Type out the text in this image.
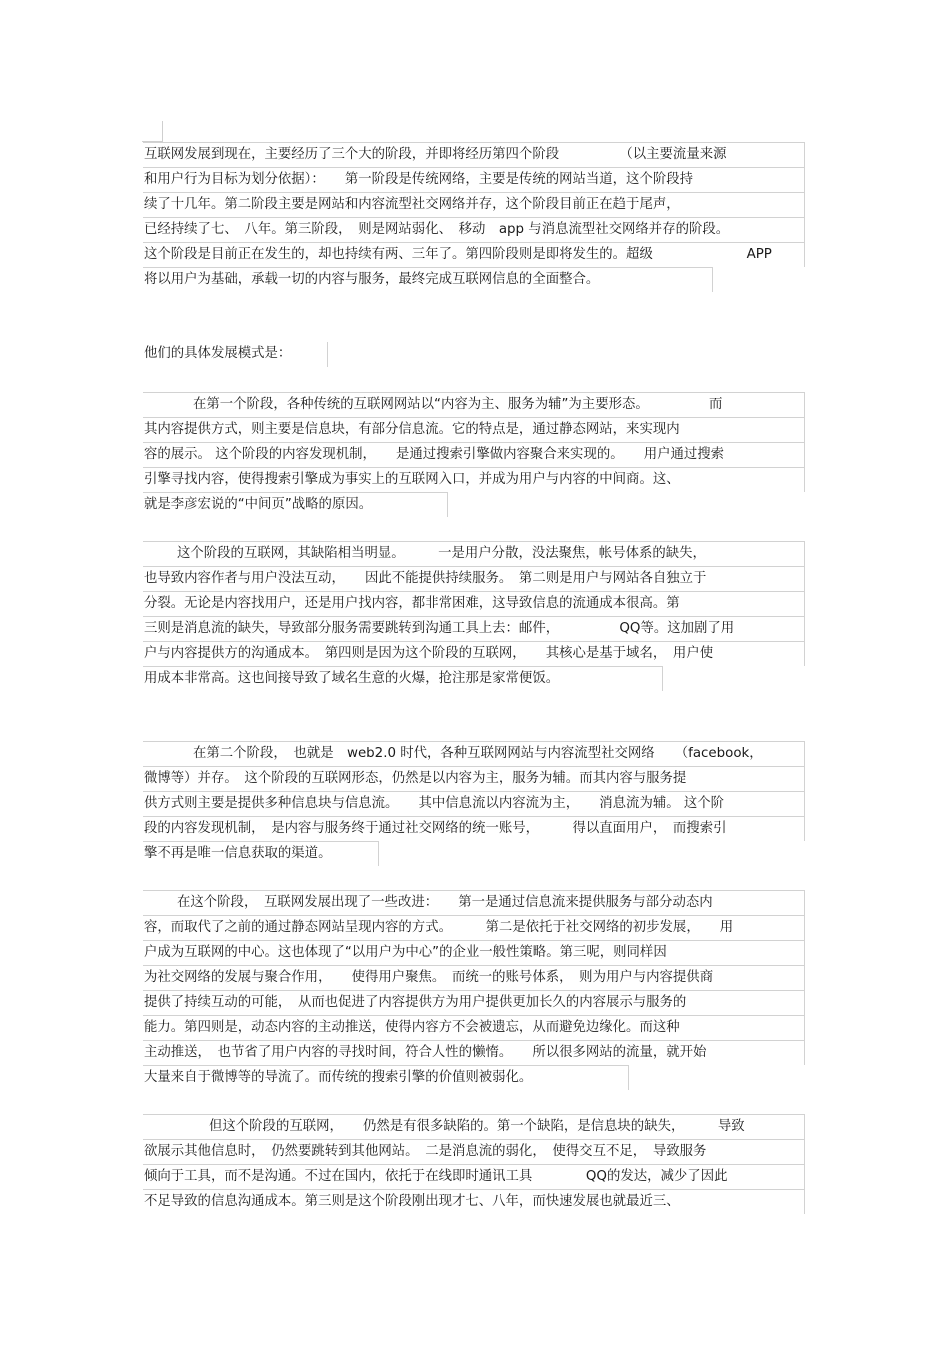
互联网发展到现在，主要经历了三个大的阶段，并即将经历第四个阶段　　　　　（以主要流量来源
和用户行为目标为划分依据）：　　第一阶段是传统网络，主要是传统的网站当道，这个阶段持
续了十几年。第二阶段主要是网站和内容流型社交网络并存，这个阶段目前正在趋于尾声，
已经持续了七、　八年。第三阶段，　则是网站弱化、　移动　app 与消息流型社交网络并存的阶段。
这个阶段是目前正在发生的，却也持续有两、三年了。第四阶段则是即将发生的。超级　　　　　　　APP
将以用户为基础，承载一切的内容与服务，最终完成互联网信息的全面整合。
他们的具体发展模式是：
在第一个阶段，各种传统的互联网网站以“内容为主、服务为辅”为主要形态。　　　　　而
其内容提供方式，则主要是信息块，有部分信息流。它的特点是，通过静态网站，来实现内
容的展示。 这个阶段的内容发现机制，　　是通过搜索引擎做内容聚合来实现的。　　用户通过搜索
引擎寻找内容，使得搜索引擎成为事实上的互联网入口，并成为用户与内容的中间商。这、
就是李彦宏说的“中间页”战略的原因。
这个阶段的互联网，其缺陷相当明显。　　　一是用户分散，没法聚焦，帐号体系的缺失，
也导致内容作者与用户没法互动，　　因此不能提供持续服务。　第二则是用户与网站各自独立于
分裂。无论是内容找用户，还是用户找内容，都非常困难，这导致信息的流通成本很高。第
三则是消息流的缺失，导致部分服务需要跳转到沟通工具上去：邮件，　　　　　QQ等。这加剧了用
户与内容提供方的沟通成本。　第四则是因为这个阶段的互联网，　　其核心是基于域名，　用户使
用成本非常高。这也间接导致了域名生意的火爆，抢注那是家常便饭。
在第二个阶段，　也就是　web2.0 时代，各种互联网网站与内容流型社交网络　　（facebook，
微博等）并存。　这个阶段的互联网形态，仍然是以内容为主，服务为辅。而其内容与服务提
供方式则主要是提供多种信息块与信息流。　　其中信息流以内容流为主，　　消息流为辅。 这个阶
段的内容发现机制，　是内容与服务终于通过社交网络的统一账号，　　　得以直面用户，　而搜索引
擎不再是唯一信息获取的渠道。
在这个阶段，　互联网发展出现了一些改进：　　第一是通过信息流来提供服务与部分动态内
容，而取代了之前的通过静态网站呈现内容的方式。　　　第二是依托于社交网络的初步发展，　　用
户成为互联网的中心。这也体现了“以用户为中心”的企业一般性策略。第三呢，则同样因
为社交网络的发展与聚合作用，　　使得用户聚焦。　而统一的账号体系，　则为用户与内容提供商
提供了持续互动的可能，　从而也促进了内容提供方为用户提供更加长久的内容展示与服务的
能力。第四则是，动态内容的主动推送，使得内容方不会被遗忘，从而避免边缘化。而这种
主动推送，　也节省了用户内容的寻找时间，符合人性的懒惰。　　所以很多网站的流量，就开始
大量来自于微博等的导流了。而传统的搜索引擎的价值则被弱化。
但这个阶段的互联网，　　仍然是有很多缺陷的。第一个缺陷，是信息块的缺失，　　　导致
欲展示其他信息时，　仍然要跳转到其他网站。　二是消息流的弱化，　使得交互不足，　导致服务
倾向于工具，而不是沟通。不过在国内，依托于在线即时通讯工具　　　　QQ的发达，减少了因此
不足导致的信息沟通成本。第三则是这个阶段刚出现才七、八年，而快速发展也就最近三、
